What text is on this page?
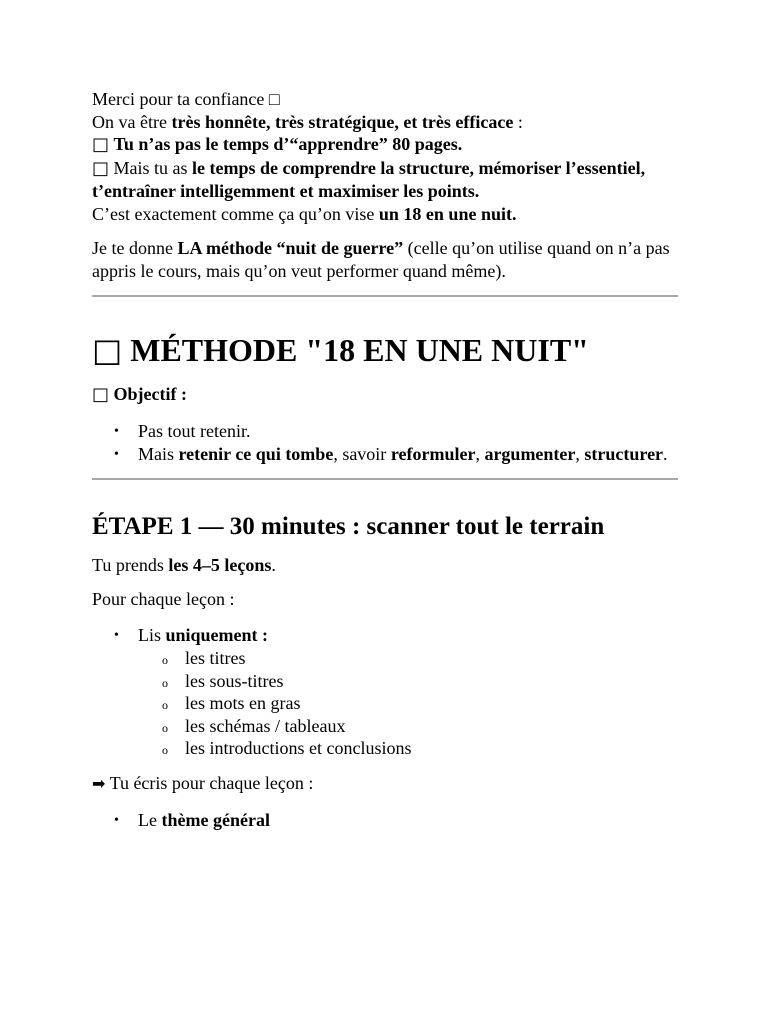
Merci pour ta confiance □
On va être très honnête, très stratégique, et très efficace :
□ Tu n’as pas le temps d’“apprendre” 80 pages.
□ Mais tu as le temps de comprendre la structure, mémoriser l’essentiel, t’entraîner intelligemment et maximiser les points.
C’est exactement comme ça qu’on vise un 18 en une nuit.

Je te donne LA méthode “nuit de guerre” (celle qu’on utilise quand on n’a pas appris le cours, mais qu’on veut performer quand même).

□ MÉTHODE "18 EN UNE NUIT"

□ Objectif :

• Pas tout retenir.
• Mais retenir ce qui tombe, savoir reformuler, argumenter, structurer.
ÉTAPE 1 — 30 minutes : scanner tout le terrain

Tu prends les 4–5 leçons.

Pour chaque leçon :

• Lis uniquement :
o les titres
o les sous-titres
o les mots en gras
o les schémas / tableaux
o les introductions et conclusions

➡ Tu écris pour chaque leçon :

• Le thème général
